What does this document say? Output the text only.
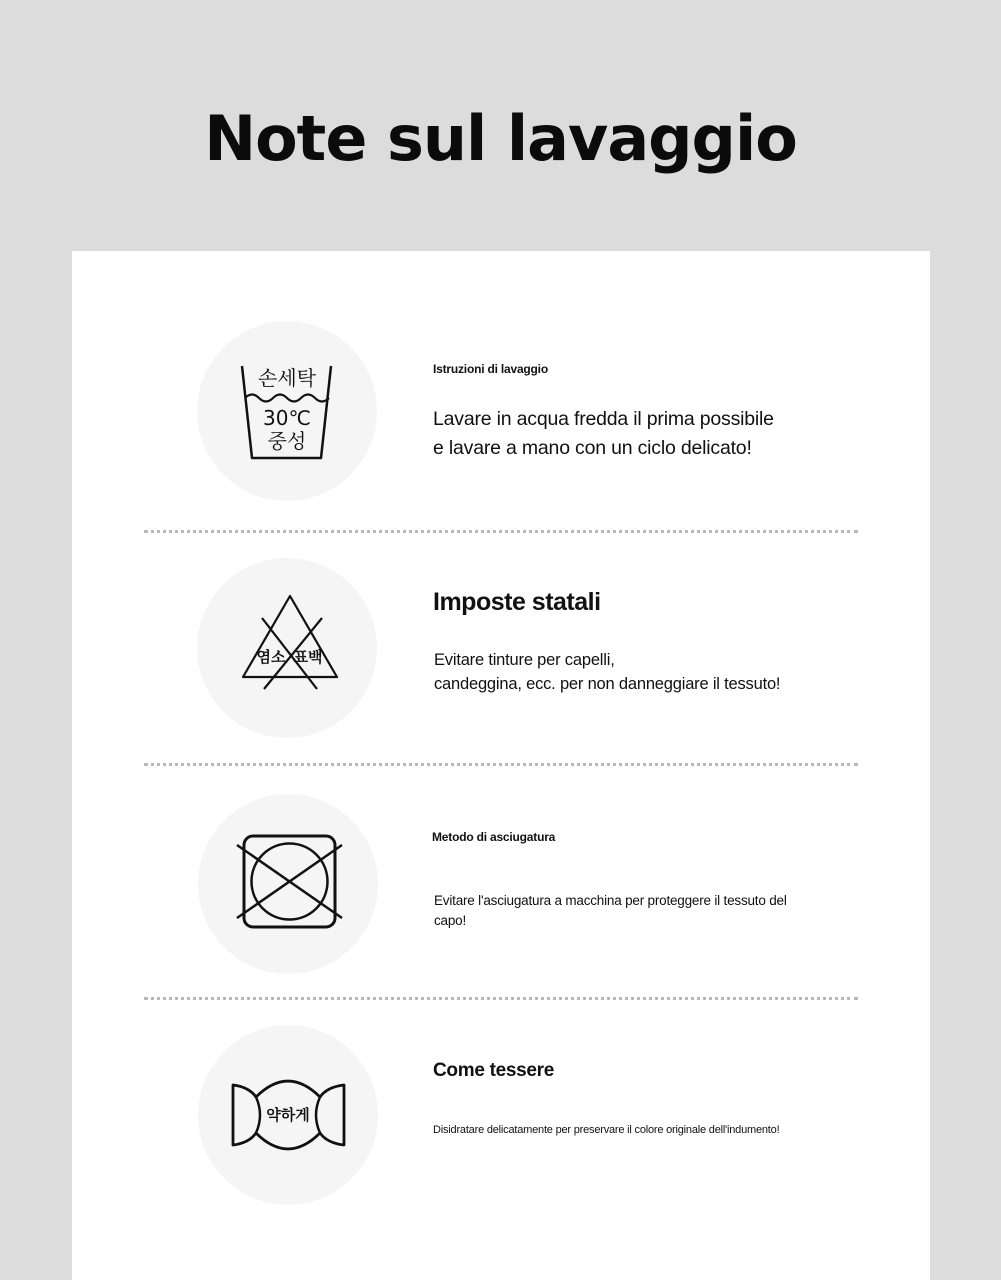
Note sul lavaggio
손세탁
30℃
중성

Istruzioni di lavaggio

Lavare in acqua fredda il prima possibile
e lavare a mano con un ciclo delicato!

염소 표백

Imposte statali

Evitare tinture per capelli,
candeggina, ecc. per non danneggiare il tessuto!

Metodo di asciugatura

Evitare l'asciugatura a macchina per proteggere il tessuto del capo!

약하게

Come tessere

Disidratare delicatamente per preservare il colore originale dell'indumento!
